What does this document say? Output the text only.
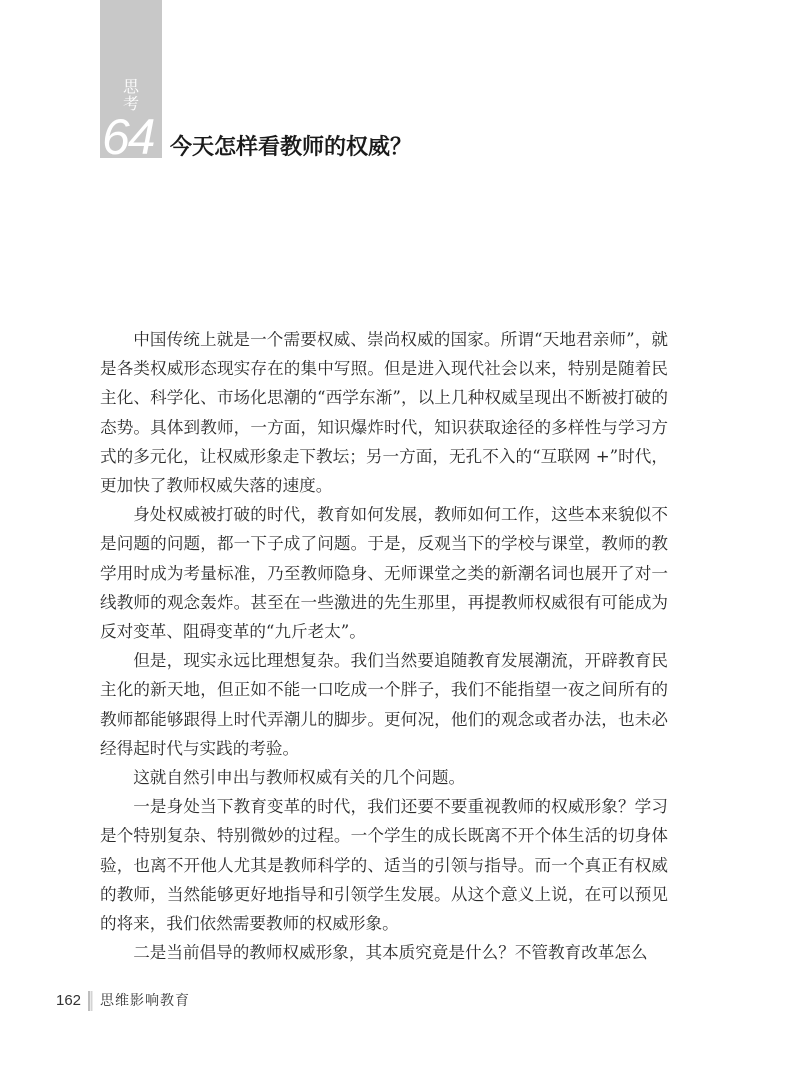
思
考
64 今天怎样看教师的权威？

中国传统上就是一个需要权威、崇尚权威的国家。所谓“天地君亲师”，就是各类权威形态现实存在的集中写照。但是进入现代社会以来，特别是随着民主化、科学化、市场化思潮的“西学东渐”，以上几种权威呈现出不断被打破的态势。具体到教师，一方面，知识爆炸时代，知识获取途径的多样性与学习方式的多元化，让权威形象走下教坛；另一方面，无孔不入的“互联网 +”时代，更加快了教师权威失落的速度。

身处权威被打破的时代，教育如何发展，教师如何工作，这些本来貌似不是问题的问题，都一下子成了问题。于是，反观当下的学校与课堂，教师的教学用时成为考量标准，乃至教师隐身、无师课堂之类的新潮名词也展开了对一线教师的观念轰炸。甚至在一些激进的先生那里，再提教师权威很有可能成为反对变革、阻碍变革的“九斤老太”。

但是，现实永远比理想复杂。我们当然要追随教育发展潮流，开辟教育民主化的新天地，但正如不能一口吃成一个胖子，我们不能指望一夜之间所有的教师都能够跟得上时代弄潮儿的脚步。更何况，他们的观念或者办法，也未必经得起时代与实践的考验。

这就自然引申出与教师权威有关的几个问题。

一是身处当下教育变革的时代，我们还要不要重视教师的权威形象？学习是个特别复杂、特别微妙的过程。一个学生的成长既离不开个体生活的切身体验，也离不开他人尤其是教师科学的、适当的引领与指导。而一个真正有权威的教师，当然能够更好地指导和引领学生发展。从这个意义上说，在可以预见的将来，我们依然需要教师的权威形象。

二是当前倡导的教师权威形象，其本质究竟是什么？不管教育改革怎么

162 思维影响教育
